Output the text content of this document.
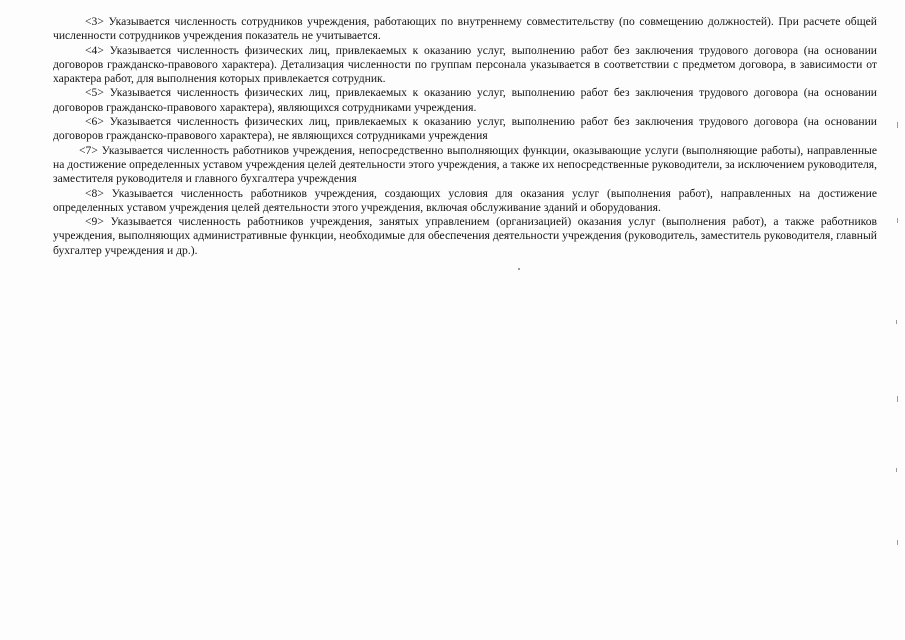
<3> Указывается численность сотрудников учреждения, работающих по внутреннему совместительству (по совмещению должностей). При расчете общей численности сотрудников учреждения показатель не учитывается.

<4> Указывается численность физических лиц, привлекаемых к оказанию услуг, выполнению работ без заключения трудового договора (на основании договоров гражданско-правового характера). Детализация численности по группам персонала указывается в соответствии с предметом договора, в зависимости от характера работ, для выполнения которых привлекается сотрудник.

<5> Указывается численность физических лиц, привлекаемых к оказанию услуг, выполнению работ без заключения трудового договора (на основании договоров гражданско-правового характера), являющихся сотрудниками учреждения.

<6> Указывается численность физических лиц, привлекаемых к оказанию услуг, выполнению работ без заключения трудового договора (на основании договоров гражданско-правового характера), не являющихся сотрудниками учреждения

<7> Указывается численность работников учреждения, непосредственно выполняющих функции, оказывающие услуги (выполняющие работы), направленные на достижение определенных уставом учреждения целей деятельности этого учреждения, а также их непосредственные руководители, за исключением руководителя, заместителя руководителя и главного бухгалтера учреждения

<8> Указывается численность работников учреждения, создающих условия для оказания услуг (выполнения работ), направленных на достижение определенных уставом учреждения целей деятельности этого учреждения, включая обслуживание зданий и оборудования.

<9> Указывается численность работников учреждения, занятых управлением (организацией) оказания услуг (выполнения работ), а также работников учреждения, выполняющих административные функции, необходимые для обеспечения деятельности учреждения (руководитель, заместитель руководителя, главный бухгалтер учреждения и др.).
